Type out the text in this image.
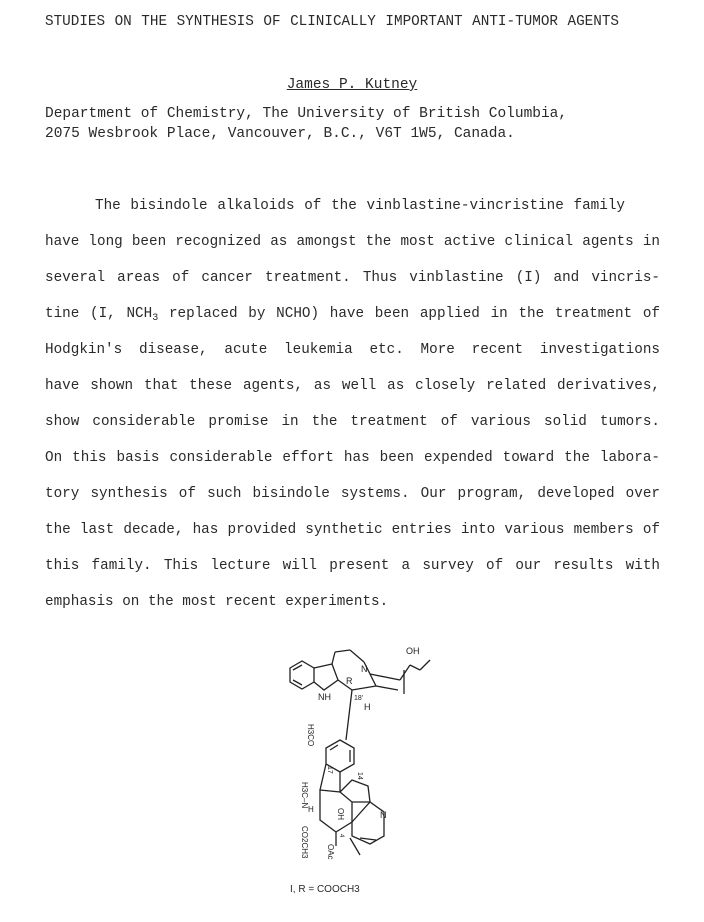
STUDIES ON THE SYNTHESIS OF CLINICALLY IMPORTANT ANTI-TUMOR AGENTS
James P. Kutney
Department of Chemistry, The University of British Columbia,
2075 Wesbrook Place, Vancouver, B.C., V6T 1W5, Canada.
The bisindole alkaloids of the vinblastine-vincristine family
have long been recognized as amongst the most active clinical agents in
several areas of cancer treatment. Thus vinblastine (I) and vincris-
tine (I, $NCH_3$ replaced by NCHO) have been applied in the treatment of
Hodgkin's disease, acute leukemia etc. More recent investigations
have shown that these agents, as well as closely related derivatives,
show considerable promise in the treatment of various solid tumors.
On this basis considerable effort has been expended toward the labora-
tory synthesis of such bisindole systems. Our program, developed over
the last decade, has provided synthetic entries into various members of
this family. This lecture will present a survey of our results with
emphasis on the most recent experiments.
OH
N
R
NH
H
18'
H3CO
17
14
H3C–N
H	OH	N
CO2CH3 OAc
4
I, R = COOCH3
